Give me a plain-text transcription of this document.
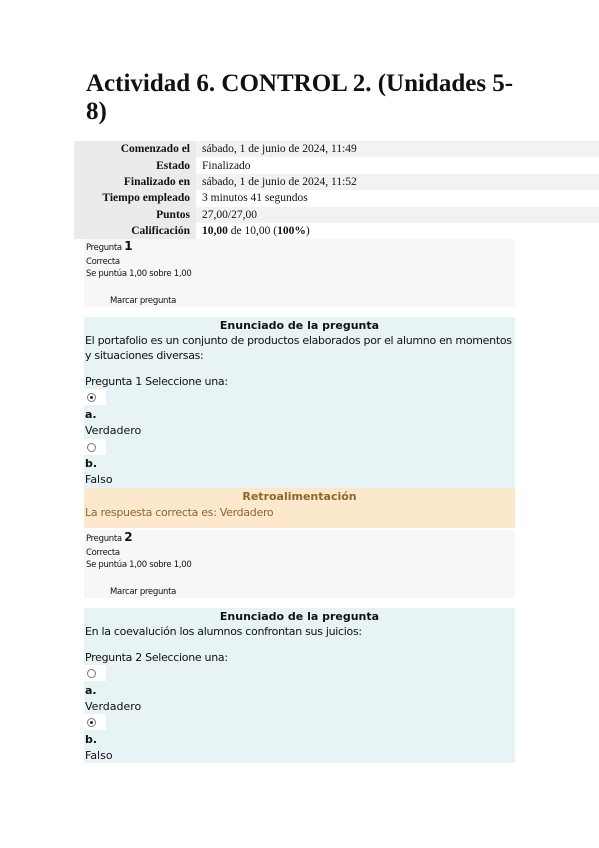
Actividad 6. CONTROL 2. (Unidades 5-8)
Comenzado el	sábado, 1 de junio de 2024, 11:49
Estado	Finalizado
Finalizado en	sábado, 1 de junio de 2024, 11:52
Tiempo empleado	3 minutos 41 segundos
Puntos	27,00/27,00
Calificación	10,00 de 10,00 (100%)
Pregunta 1
Correcta
Se puntúa 1,00 sobre 1,00
Marcar pregunta
Enunciado de la pregunta
El portafolio es un conjunto de productos elaborados por el alumno en momentos y situaciones diversas:
Pregunta 1 Seleccione una:
a.
Verdadero
b.
Falso
Retroalimentación
La respuesta correcta es: Verdadero
Pregunta 2
Correcta
Se puntúa 1,00 sobre 1,00
Marcar pregunta
Enunciado de la pregunta
En la coevalución los alumnos confrontan sus juicios:
Pregunta 2 Seleccione una:
a.
Verdadero
b.
Falso
